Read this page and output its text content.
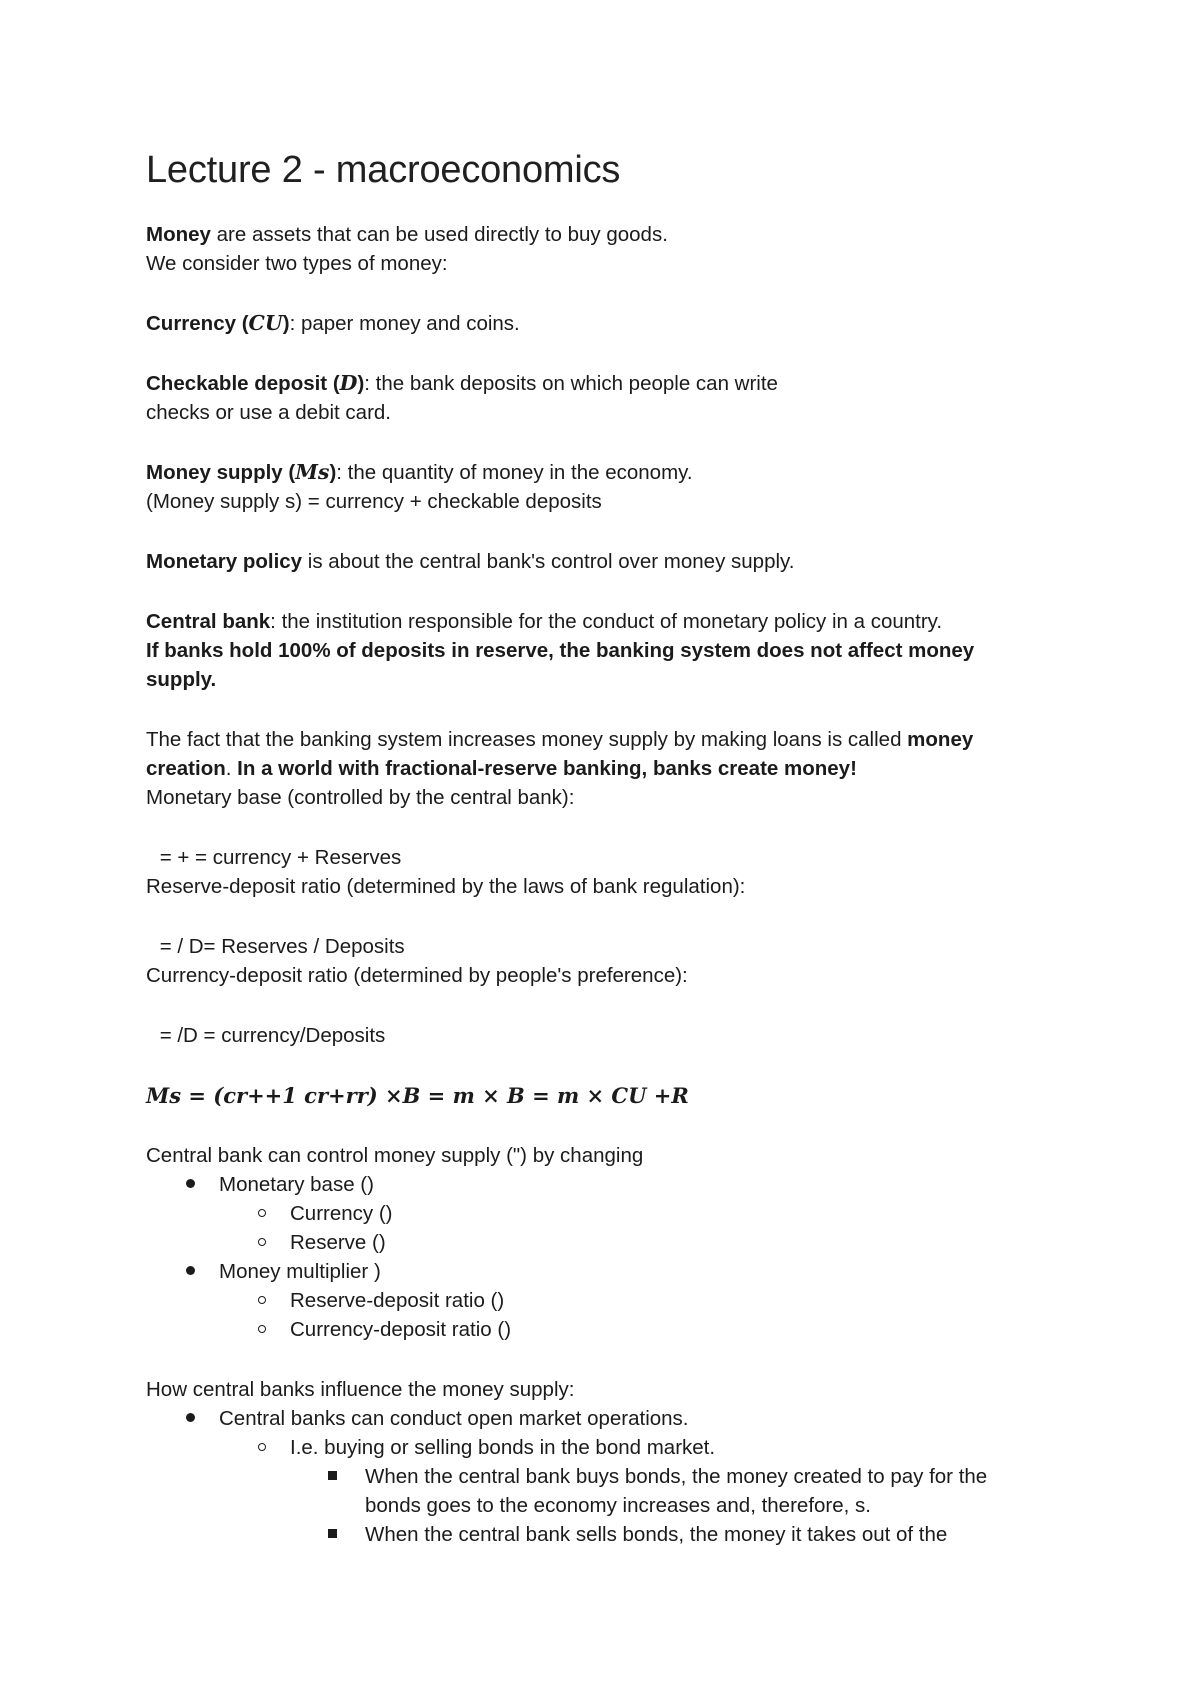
Lecture 2 - macroeconomics
Money are assets that can be used directly to buy goods.
We consider two types of money:
Currency (CU): paper money and coins.
Checkable deposit (D): the bank deposits on which people can write
checks or use a debit card.
Money supply (Ms): the quantity of money in the economy.
(Money supply s) = currency + checkable deposits
Monetary policy is about the central bank's control over money supply.
Central bank: the institution responsible for the conduct of monetary policy in a country.
If banks hold 100% of deposits in reserve, the banking system does not affect money
supply.
The fact that the banking system increases money supply by making loans is called money
creation. In a world with fractional-reserve banking, banks create money!
Monetary base (controlled by the central bank):
= + = currency + Reserves
Reserve-deposit ratio (determined by the laws of bank regulation):
= / D= Reserves / Deposits
Currency-deposit ratio (determined by people's preference):
= /D = currency/Deposits
Ms = (cr++1 cr+rr) ×B = m × B = m × CU +R
Central bank can control money supply (") by changing
Monetary base ()
Currency ()
Reserve ()
Money multiplier )
Reserve-deposit ratio ()
Currency-deposit ratio ()
How central banks influence the money supply:
Central banks can conduct open market operations.
I.e. buying or selling bonds in the bond market.
When the central bank buys bonds, the money created to pay for the
bonds goes to the economy increases and, therefore, s.
When the central bank sells bonds, the money it takes out of the
